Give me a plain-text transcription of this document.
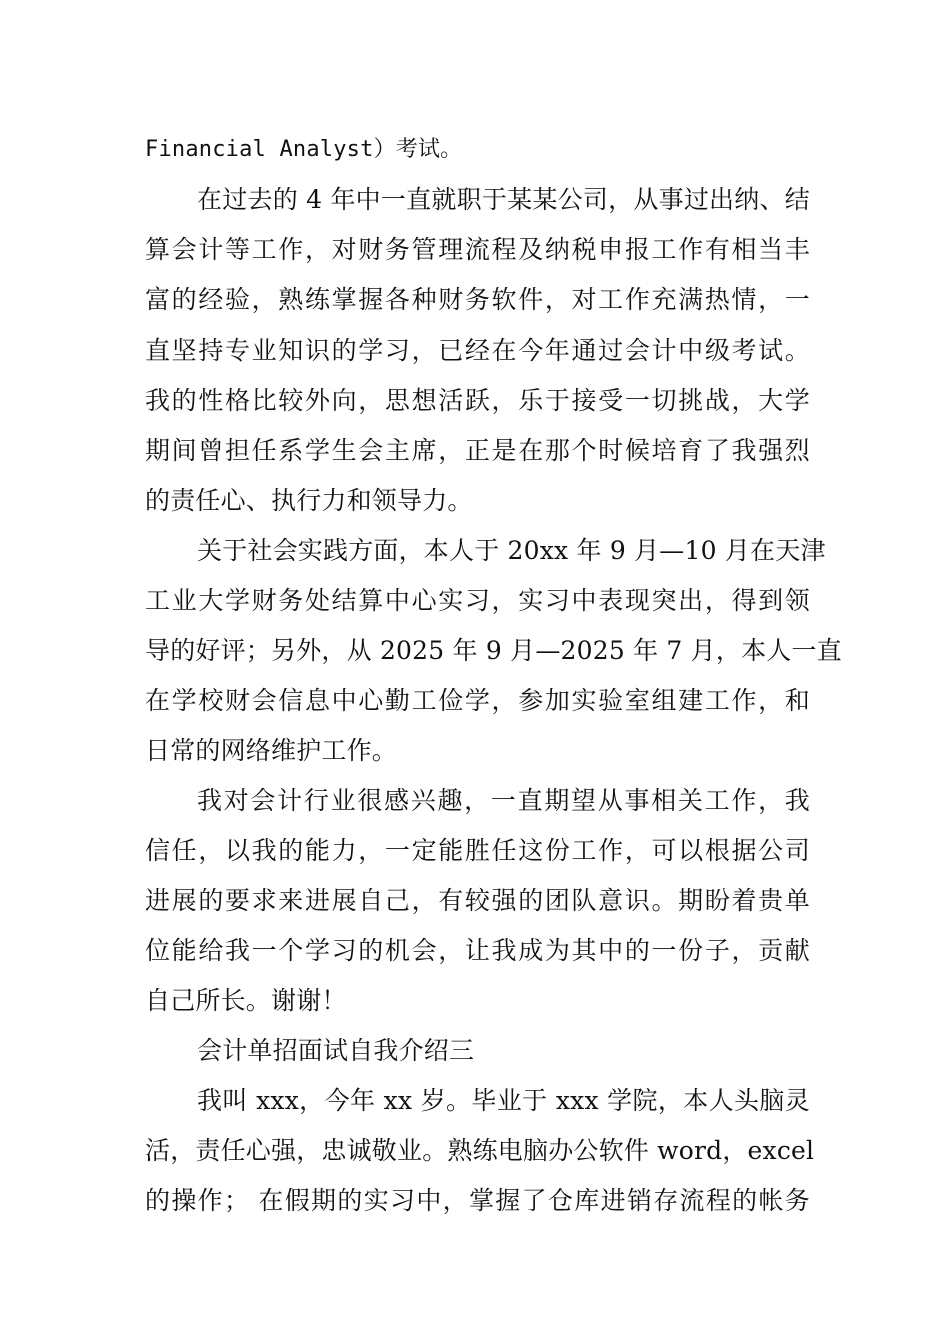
Financial Analyst）考试。
在过去的 4 年中一直就职于某某公司，从事过出纳、结
算会计等工作，对财务管理流程及纳税申报工作有相当丰
富的经验，熟练掌握各种财务软件，对工作充满热情，一
直坚持专业知识的学习，已经在今年通过会计中级考试。
我的性格比较外向，思想活跃，乐于接受一切挑战，大学
期间曾担任系学生会主席，正是在那个时候培育了我强烈
的责任心、执行力和领导力。
关于社会实践方面，本人于 20xx 年 9 月—10 月在天津
工业大学财务处结算中心实习，实习中表现突出，得到领
导的好评；另外，从 2025 年 9 月—2025 年 7 月，本人一直
在学校财会信息中心勤工俭学，参加实验室组建工作，和
日常的网络维护工作。
我对会计行业很感兴趣，一直期望从事相关工作，我
信任，以我的能力，一定能胜任这份工作，可以根据公司
进展的要求来进展自己，有较强的团队意识。期盼着贵单
位能给我一个学习的机会，让我成为其中的一份子，贡献
自己所长。谢谢！
会计单招面试自我介绍三
我叫 xxx，今年 xx 岁。毕业于 xxx 学院，本人头脑灵
活，责任心强，忠诚敬业。熟练电脑办公软件 word，excel
的操作； 在假期的实习中，掌握了仓库进销存流程的帐务
